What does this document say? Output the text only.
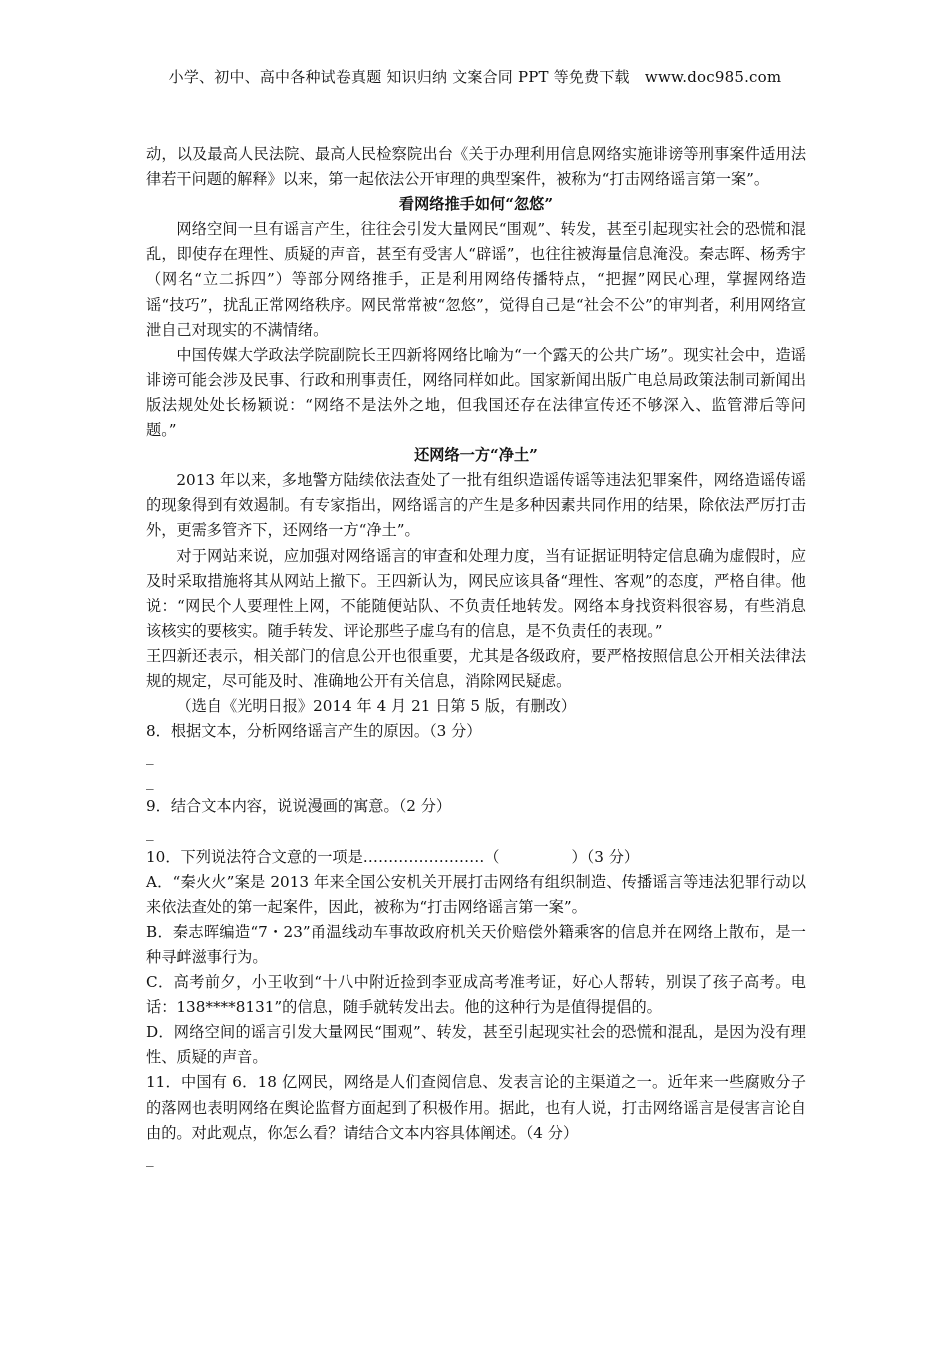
小学、初中、高中各种试卷真题 知识归纳 文案合同 PPT 等免费下载　www.doc985.com

动，以及最高人民法院、最高人民检察院出台《关于办理利用信息网络实施诽谤等刑事案件适用法律若干问题的解释》以来，第一起依法公开审理的典型案件，被称为“打击网络谣言第一案”。

看网络推手如何“忽悠”

网络空间一旦有谣言产生，往往会引发大量网民“围观”、转发，甚至引起现实社会的恐慌和混乱，即使存在理性、质疑的声音，甚至有受害人“辟谣”，也往往被海量信息淹没。秦志晖、杨秀宇（网名“立二拆四”）等部分网络推手，正是利用网络传播特点，“把握”网民心理，掌握网络造谣“技巧”，扰乱正常网络秩序。网民常常被“忽悠”，觉得自己是“社会不公”的审判者，利用网络宣泄自己对现实的不满情绪。

中国传媒大学政法学院副院长王四新将网络比喻为“一个露天的公共广场”。现实社会中，造谣诽谤可能会涉及民事、行政和刑事责任，网络同样如此。国家新闻出版广电总局政策法制司新闻出版法规处处长杨颖说：“网络不是法外之地，但我国还存在法律宣传还不够深入、监管滞后等问题。”

还网络一方“净土”

2013 年以来，多地警方陆续依法查处了一批有组织造谣传谣等违法犯罪案件，网络造谣传谣的现象得到有效遏制。有专家指出，网络谣言的产生是多种因素共同作用的结果，除依法严厉打击外，更需多管齐下，还网络一方“净土”。

对于网站来说，应加强对网络谣言的审查和处理力度，当有证据证明特定信息确为虚假时，应及时采取措施将其从网站上撤下。王四新认为，网民应该具备“理性、客观”的态度，严格自律。他说：“网民个人要理性上网，不能随便站队、不负责任地转发。网络本身找资料很容易，有些消息该核实的要核实。随手转发、评论那些子虚乌有的信息，是不负责任的表现。”

王四新还表示，相关部门的信息公开也很重要，尤其是各级政府，要严格按照信息公开相关法律法规的规定，尽可能及时、准确地公开有关信息，消除网民疑虑。

（选自《光明日报》2014 年 4 月 21 日第 5 版，有删改）

8．根据文本，分析网络谣言产生的原因。（3 分）

_

_

9．结合文本内容，说说漫画的寓意。（2 分）

_

10．下列说法符合文意的一项是……………………（	）（3 分）

A．“秦火火”案是 2013 年来全国公安机关开展打击网络有组织制造、传播谣言等违法犯罪行动以来依法查处的第一起案件，因此，被称为“打击网络谣言第一案”。

B．秦志晖编造“7・23”甬温线动车事故政府机关天价赔偿外籍乘客的信息并在网络上散布，是一种寻衅滋事行为。

C．高考前夕，小王收到“十八中附近捡到李亚成高考准考证，好心人帮转，别误了孩子高考。电话：138****8131”的信息，随手就转发出去。他的这种行为是值得提倡的。

D．网络空间的谣言引发大量网民“围观”、转发，甚至引起现实社会的恐慌和混乱，是因为没有理性、质疑的声音。

11．中国有 6．18 亿网民，网络是人们查阅信息、发表言论的主渠道之一。近年来一些腐败分子的落网也表明网络在舆论监督方面起到了积极作用。据此，也有人说，打击网络谣言是侵害言论自由的。对此观点，你怎么看？请结合文本内容具体阐述。（4 分）

_
